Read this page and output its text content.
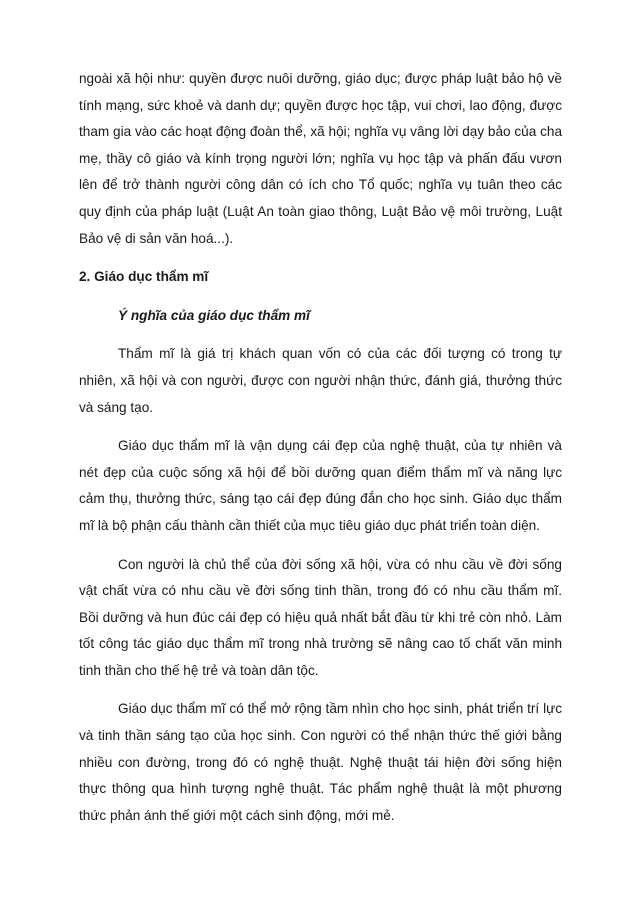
ngoài xã hội như: quyền được nuôi dưỡng, giáo dục; được pháp luật bảo hộ về tính mạng, sức khoẻ và danh dự; quyền được học tập, vui chơi, lao động, được tham gia vào các hoạt động đoàn thể, xã hội; nghĩa vụ vâng lời dạy bảo của cha mẹ, thầy cô giáo và kính trọng người lớn; nghĩa vụ học tập và phấn đấu vươn lên để trở thành người công dân có ích cho Tổ quốc; nghĩa vụ tuân theo các quy định của pháp luật (Luật An toàn giao thông, Luật Bảo vệ môi trường, Luật Bảo vệ di sản văn hoá...).

2. Giáo dục thẩm mĩ
Ý nghĩa của giáo dục thẩm mĩ

Thẩm mĩ là giá trị khách quan vốn có của các đối tượng có trong tự nhiên, xã hội và con người, được con người nhận thức, đánh giá, thưởng thức và sáng tạo.

Giáo dục thẩm mĩ là vận dụng cái đẹp của nghệ thuật, của tự nhiên và nét đẹp của cuộc sống xã hội để bồi dưỡng quan điểm thẩm mĩ và năng lực cảm thụ, thưởng thức, sáng tạo cái đẹp đúng đắn cho học sinh. Giáo dục thẩm mĩ là bộ phận cấu thành cần thiết của mục tiêu giáo dục phát triển toàn diện.

Con người là chủ thể của đời sống xã hội, vừa có nhu cầu về đời sống vật chất vừa có nhu cầu về đời sống tinh thần, trong đó có nhu cầu thẩm mĩ. Bồi dưỡng và hun đúc cái đẹp có hiệu quả nhất bắt đầu từ khi trẻ còn nhỏ. Làm tốt công tác giáo dục thẩm mĩ trong nhà trường sẽ nâng cao tố chất văn minh tinh thần cho thế hệ trẻ và toàn dân tộc.

Giáo dục thẩm mĩ có thể mở rộng tầm nhìn cho học sinh, phát triển trí lực và tinh thần sáng tạo của học sinh. Con người có thể nhận thức thế giới bằng nhiều con đường, trong đó có nghệ thuật. Nghệ thuật tái hiện đời sống hiện thực thông qua hình tượng nghệ thuật. Tác phẩm nghệ thuật là một phương thức phản ánh thế giới một cách sinh động, mới mẻ.
